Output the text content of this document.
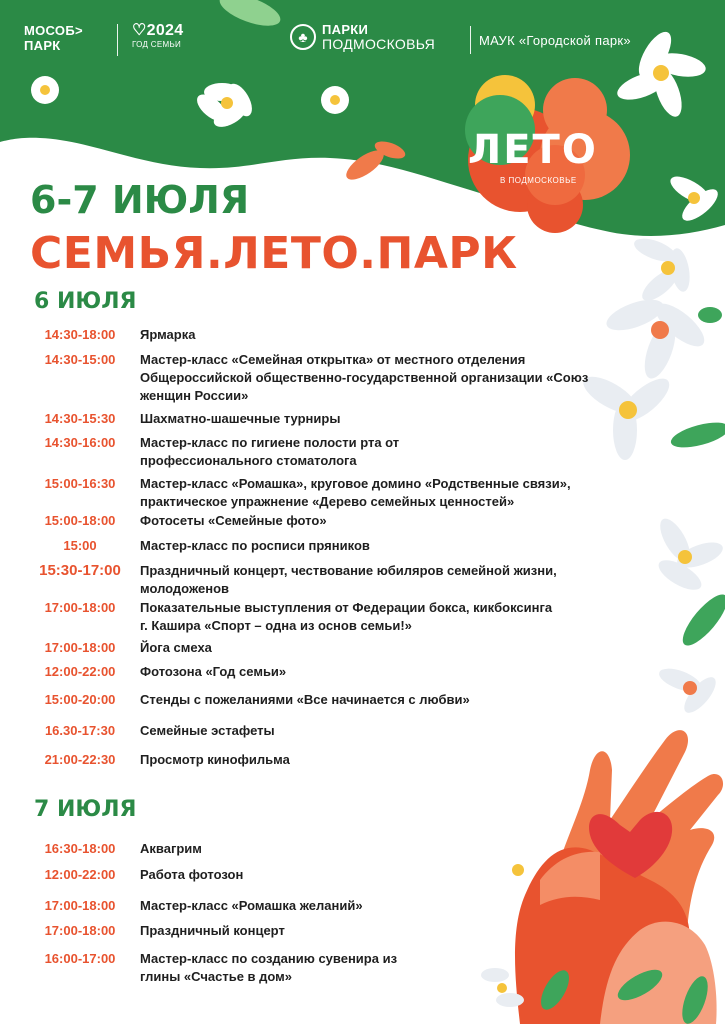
МОСОБ>
ПАРК
♡2024
ГОД СЕМЬИ	♣	ПАРКИ
ПОДМОСКОВЬЯ	МАУК «Городской парк»
ЛЕТО
В ПОДМОСКОВЬЕ
6-7 ИЮЛЯ
СЕМЬЯ.ЛЕТО.ПАРК
6 ИЮЛЯ
14:30-18:00	Ярмарка
14:30-15:00	Мастер-класс «Семейная открытка» от местного отделения Общероссийской общественно-государственной организации «Союз женщин России»
14:30-15:30	Шахматно-шашечные турниры
14:30-16:00	Мастер-класс по гигиене полости рта от профессионального стоматолога
15:00-16:30	Мастер-класс «Ромашка», круговое домино «Родственные связи», практическое упражнение «Дерево семейных ценностей»
15:00-18:00	Фотосеты «Семейные фото»
15:00	Мастер-класс по росписи пряников
15:30-17:00	Праздничный концерт, чествование юбиляров семейной жизни, молодоженов
17:00-18:00	Показательные выступления от Федерации бокса, кикбоксинга г. Кашира «Спорт – одна из основ семьи!»
17:00-18:00	Йога смеха
12:00-22:00	Фотозона «Год семьи»
15:00-20:00	Стенды с пожеланиями «Все начинается с любви»
16.30-17:30	Семейные эстафеты
21:00-22:30	Просмотр кинофильма
7 ИЮЛЯ
16:30-18:00	Аквагрим
12:00-22:00	Работа фотозон
17:00-18:00	Мастер-класс «Ромашка желаний»
17:00-18:00	Праздничный концерт
16:00-17:00	Мастер-класс по созданию сувенира из глины «Счастье в дом»
